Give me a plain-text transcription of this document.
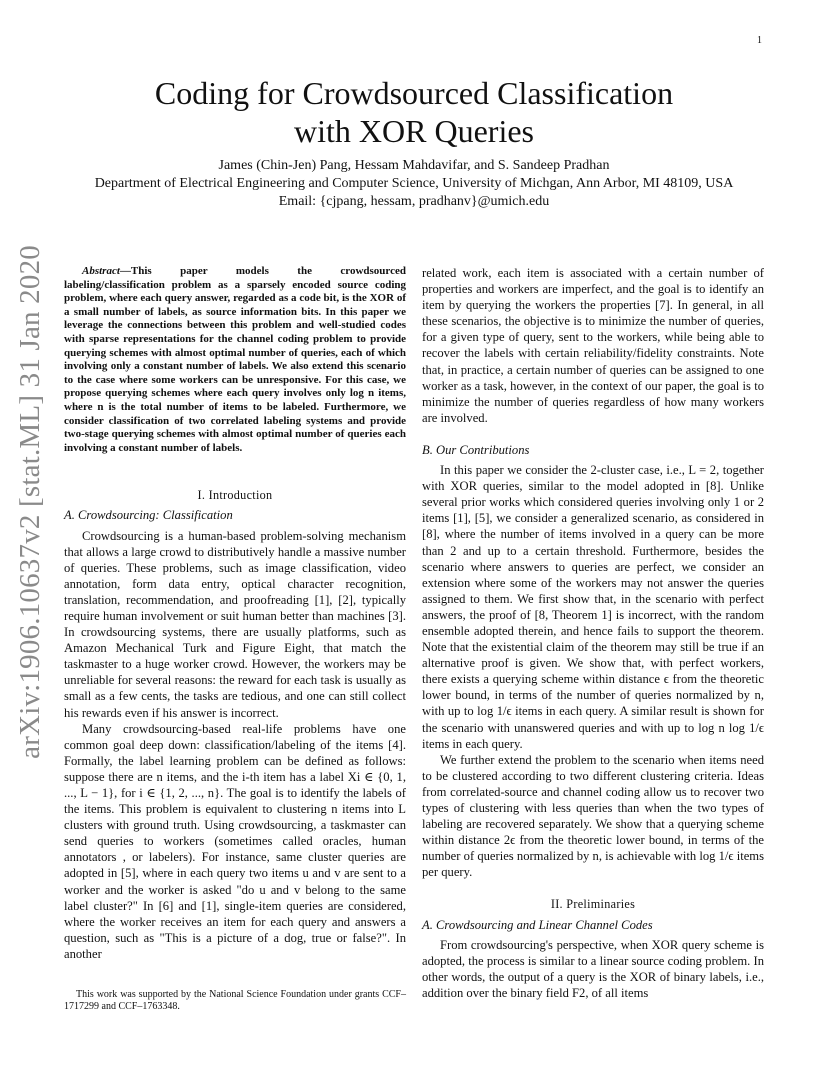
1
arXiv:1906.10637v2 [stat.ML] 31 Jan 2020
Coding for Crowdsourced Classification
with XOR Queries
James (Chin-Jen) Pang, Hessam Mahdavifar, and S. Sandeep Pradhan
Department of Electrical Engineering and Computer Science, University of Michgan, Ann Arbor, MI 48109, USA
Email: {cjpang, hessam, pradhanv}@umich.edu

Abstract—This paper models the crowdsourced labeling/classification problem as a sparsely encoded source coding problem, where each query answer, regarded as a code bit, is the XOR of a small number of labels, as source information bits. In this paper we leverage the connections between this problem and well-studied codes with sparse representations for the channel coding problem to provide querying schemes with almost optimal number of queries, each of which involving only a constant number of labels. We also extend this scenario to the case where some workers can be unresponsive. For this case, we propose querying schemes where each query involves only log n items, where n is the total number of items to be labeled. Furthermore, we consider classification of two correlated labeling systems and provide two-stage querying schemes with almost optimal number of queries each involving a constant number of labels.

I. Introduction

A. Crowdsourcing: Classification

Crowdsourcing is a human-based problem-solving mechanism that allows a large crowd to distributively handle a massive number of queries. These problems, such as image classification, video annotation, form data entry, optical character recognition, translation, recommendation, and proofreading [1], [2], typically require human involvement or suit human better than machines [3]. In crowdsourcing systems, there are usually platforms, such as Amazon Mechanical Turk and Figure Eight, that match the taskmaster to a huge worker crowd. However, the workers may be unreliable for several reasons: the reward for each task is usually as small as a few cents, the tasks are tedious, and one can still collect his rewards even if his answer is incorrect.

Many crowdsourcing-based real-life problems have one common goal deep down: classification/labeling of the items [4]. Formally, the label learning problem can be defined as follows: suppose there are n items, and the i-th item has a label Xi ∈ {0, 1, ..., L − 1}, for i ∈ {1, 2, ..., n}. The goal is to identify the labels of the items. This problem is equivalent to clustering n items into L clusters with ground truth. Using crowdsourcing, a taskmaster can send queries to workers (sometimes called oracles, human annotators , or labelers). For instance, same cluster queries are adopted in [5], where in each query two items u and v are sent to a worker and the worker is asked "do u and v belong to the same label cluster?" In [6] and [1], single-item queries are considered, where the worker receives an item for each query and answers a question, such as "This is a picture of a dog, true or false?". In another

related work, each item is associated with a certain number of properties and workers are imperfect, and the goal is to identify an item by querying the workers the properties [7]. In general, in all these scenarios, the objective is to minimize the number of queries, for a given type of query, sent to the workers, while being able to recover the labels with certain reliability/fidelity constraints. Note that, in practice, a certain number of queries can be assigned to one worker as a task, however, in the context of our paper, the goal is to minimize the number of queries regardless of how many workers are involved.

B. Our Contributions

In this paper we consider the 2-cluster case, i.e., L = 2, together with XOR queries, similar to the model adopted in [8]. Unlike several prior works which considered queries involving only 1 or 2 items [1], [5], we consider a generalized scenario, as considered in [8], where the number of items involved in a query can be more than 2 and up to a certain threshold. Furthermore, besides the scenario where answers to queries are perfect, we consider an extension where some of the workers may not answer the queries assigned to them. We first show that, in the scenario with perfect answers, the proof of [8, Theorem 1] is incorrect, with the random ensemble adopted therein, and hence fails to support the theorem. Note that the existential claim of the theorem may still be true if an alternative proof is given. We show that, with perfect workers, there exists a querying scheme within distance ϵ from the theoretic lower bound, in terms of the number of queries normalized by n, with up to log 1/ϵ items in each query. A similar result is shown for the scenario with unanswered queries and with up to log n log 1/ϵ items in each query.

We further extend the problem to the scenario when items need to be clustered according to two different clustering criteria. Ideas from correlated-source and channel coding allow us to recover two types of clustering with less queries than when the two types of labeling are recovered separately. We show that a querying scheme within distance 2ϵ from the theoretic lower bound, in terms of the number of queries normalized by n, is achievable with log 1/ϵ items per query.

II. Preliminaries

A. Crowdsourcing and Linear Channel Codes

From crowdsourcing's perspective, when XOR query scheme is adopted, the process is similar to a linear source coding problem. In other words, the output of a query is the XOR of binary labels, i.e., addition over the binary field F2, of all items

This work was supported by the National Science Foundation under grants CCF–1717299 and CCF–1763348.
